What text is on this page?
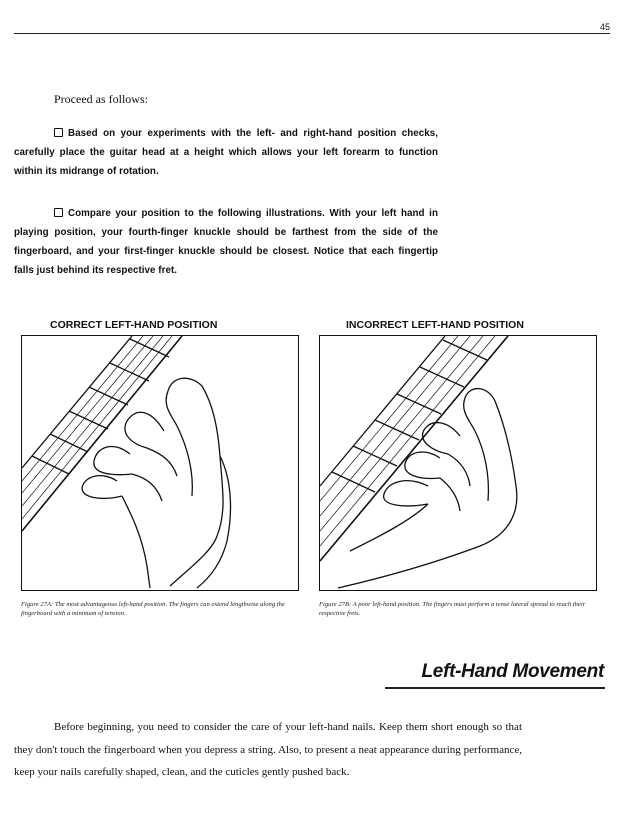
45
Proceed as follows:
Based on your experiments with the left- and right-hand position checks, carefully place the guitar head at a height which allows your left forearm to function within its midrange of rotation.
Compare your position to the following illustrations. With your left hand in playing position, your fourth-finger knuckle should be farthest from the side of the fingerboard, and your first-finger knuckle should be closest. Notice that each fingertip falls just behind its respective fret.
CORRECT LEFT-HAND POSITION
Figure 27A: The most advantageous left-hand position. The fingers can extend lengthwise along the fingerboard with a minimum of tension.
INCORRECT LEFT-HAND POSITION
Figure 27B: A poor left-hand position. The fingers must perform a tense lateral spread to reach their respective frets.
Left-Hand Movement
Before beginning, you need to consider the care of your left-hand nails. Keep them short enough so that they don't touch the fingerboard when you depress a string. Also, to present a neat appearance during performance, keep your nails carefully shaped, clean, and the cuticles gently pushed back.
